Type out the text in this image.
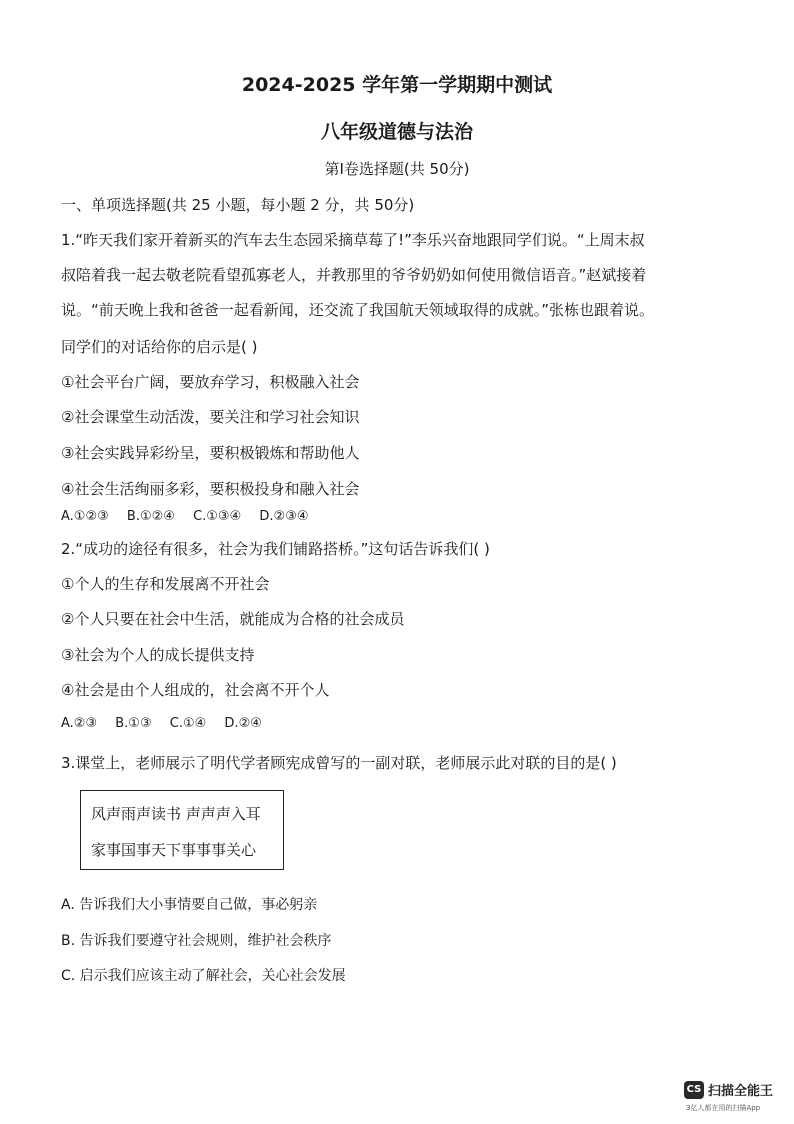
2024-2025 学年第一学期期中测试
八年级道德与法治
第Ⅰ卷选择题(共 50分)
一、单项选择题(共 25 小题，每小题 2 分，共 50分)
1.“昨天我们家开着新买的汽车去生态园采摘草莓了!”李乐兴奋地跟同学们说。“上周末叔
叔陪着我一起去敬老院看望孤寡老人，并教那里的爷爷奶奶如何使用微信语音。”赵斌接着
说。“前天晚上我和爸爸一起看新闻，还交流了我国航天领域取得的成就。”张栋也跟着说。
同学们的对话给你的启示是( )
①社会平台广阔，要放弃学习，积极融入社会
②社会课堂生动活泼，要关注和学习社会知识
③社会实践异彩纷呈，要积极锻炼和帮助他人
④社会生活绚丽多彩，要积极投身和融入社会
A.①②③ B.①②④ C.①③④ D.②③④
2.“成功的途径有很多，社会为我们铺路搭桥。”这句话告诉我们( )
①个人的生存和发展离不开社会
②个人只要在社会中生活，就能成为合格的社会成员
③社会为个人的成长提供支持
④社会是由个人组成的，社会离不开个人
A.②③ B.①③ C.①④ D.②④
3.课堂上，老师展示了明代学者顾宪成曾写的一副对联，老师展示此对联的目的是( )
风声雨声读书 声声声入耳
家事国事天下事事事关心
A. 告诉我们大小事情要自己做，事必躬亲
B. 告诉我们要遵守社会规则，维护社会秩序
C. 启示我们应该主动了解社会，关心社会发展
CS 扫描全能王
3亿人都在用的扫描App
